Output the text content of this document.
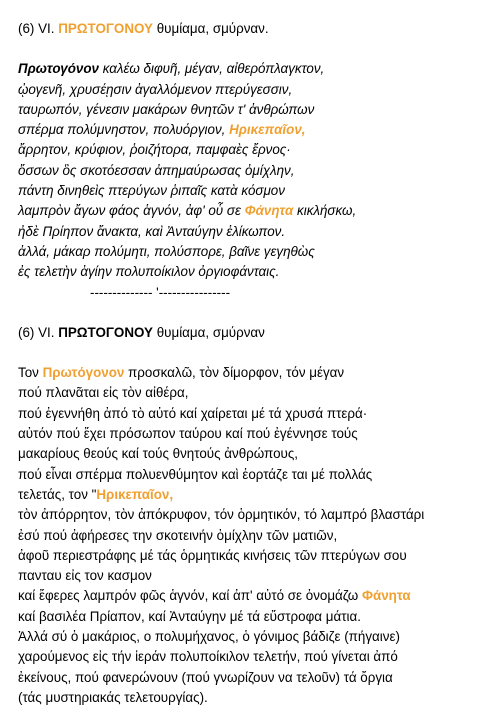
(6) VI. ΠΡΩΤΟΓΟΝΟΥ θυμίαμα, σμύρναν.
Πρωτογόνον καλέω διφυῆ, μέγαν, αἰθερόπλαγκτον,
ᾠογενῆ, χρυσέῃσιν ἀγαλλόμενον πτερύγεσσιν,
ταυρωπόν, γένεσιν μακάρων θνητῶν τ' ἀνθρώπων
σπέρμα πολύμνηστον, πολυόργιον, Ηρικεπαῖον,
ἄρρητον, κρύφιον, ῥοιζήτορα, παμφαὲς ἔρνος·
ὄσσων ὃς σκοτόεσσαν ἀπημαύρωσας ὀμίχλην,
πάντη δινηθεὶς πτερύγων ῥιπαῖς κατὰ κόσμον
λαμπρὸν ἄγων φάος ἁγνόν, ἀφ' οὗ σε Φάνητα κικλήσκω,
ἠδὲ Πρίηπον ἄνακτα, καὶ Ἀνταύγην ἑλίκωπον.
ἀλλά, μάκαρ πολύμητι, πολύσπορε, βαῖνε γεγηθὼς
ἐς τελετὴν ἁγίην πολυποίκιλον ὀργιοφάνταις.
-------------- '----------------
(6) VI. ΠΡΩΤΟΓΟΝΟΥ θυμίαμα, σμύρναν
Τον Πρωτόγονον προσκαλῶ, τὸν δίμορφον, τόν μέγαν
πού πλανᾶται εἰς τὸν αἰθέρα,
πού ἐγεννήθη ἀπό τὸ αὐτό καί χαίρεται μέ τά χρυσά πτερά·
αὐτόν πού ἔχει πρόσωπον ταύρου καί πού ἐγέννησε τούς
μακαρίους θεούς καί τούς θνητούς ἀνθρώπους,
πού εἶναι σπέρμα πολυενθύμητον καὶ ἑορτάζε ται μέ πολλάς
τελετάς, τον "Ηρικεπαῖον,
τὸν ἀπόρρητον, τὸν ἀπόκρυφον, τόν ὁρμητικόν, τό λαμπρό βλαστάρι
ἐσύ πού ἀφήρεσες την σκοτεινήν ὀμίχλην τῶν ματιῶν,
ἀφοῦ περιεστράφης μέ τάς ὁρμητικάς κινήσεις τῶν πτερύγων σου
πανταυ εἰς τον κασμον
καί ἔφερες λαμπρόν φῶς ἁγνόν, καί ἀπ' αὐτό σε ὀνομάζω Φάνητα
καί βασιλέα Πρίαπον, καί Ἀνταύγην μέ τά εὔστροφα μάτια.
Ἀλλά σύ ὁ μακάριος, ο πολυμήχανος, ὁ γόνιμος βάδιζε (πήγαινε)
χαρούμενος εἰς τήν ἱεράν πολυποίκιλον τελετήν, πού γίνεται ἀπό
ἐκείνους, πού φανερώνουν (πού γνωρίζουν να τελοῦν) τά ὄργια
(τάς μυστηριακάς τελετουργίας).
